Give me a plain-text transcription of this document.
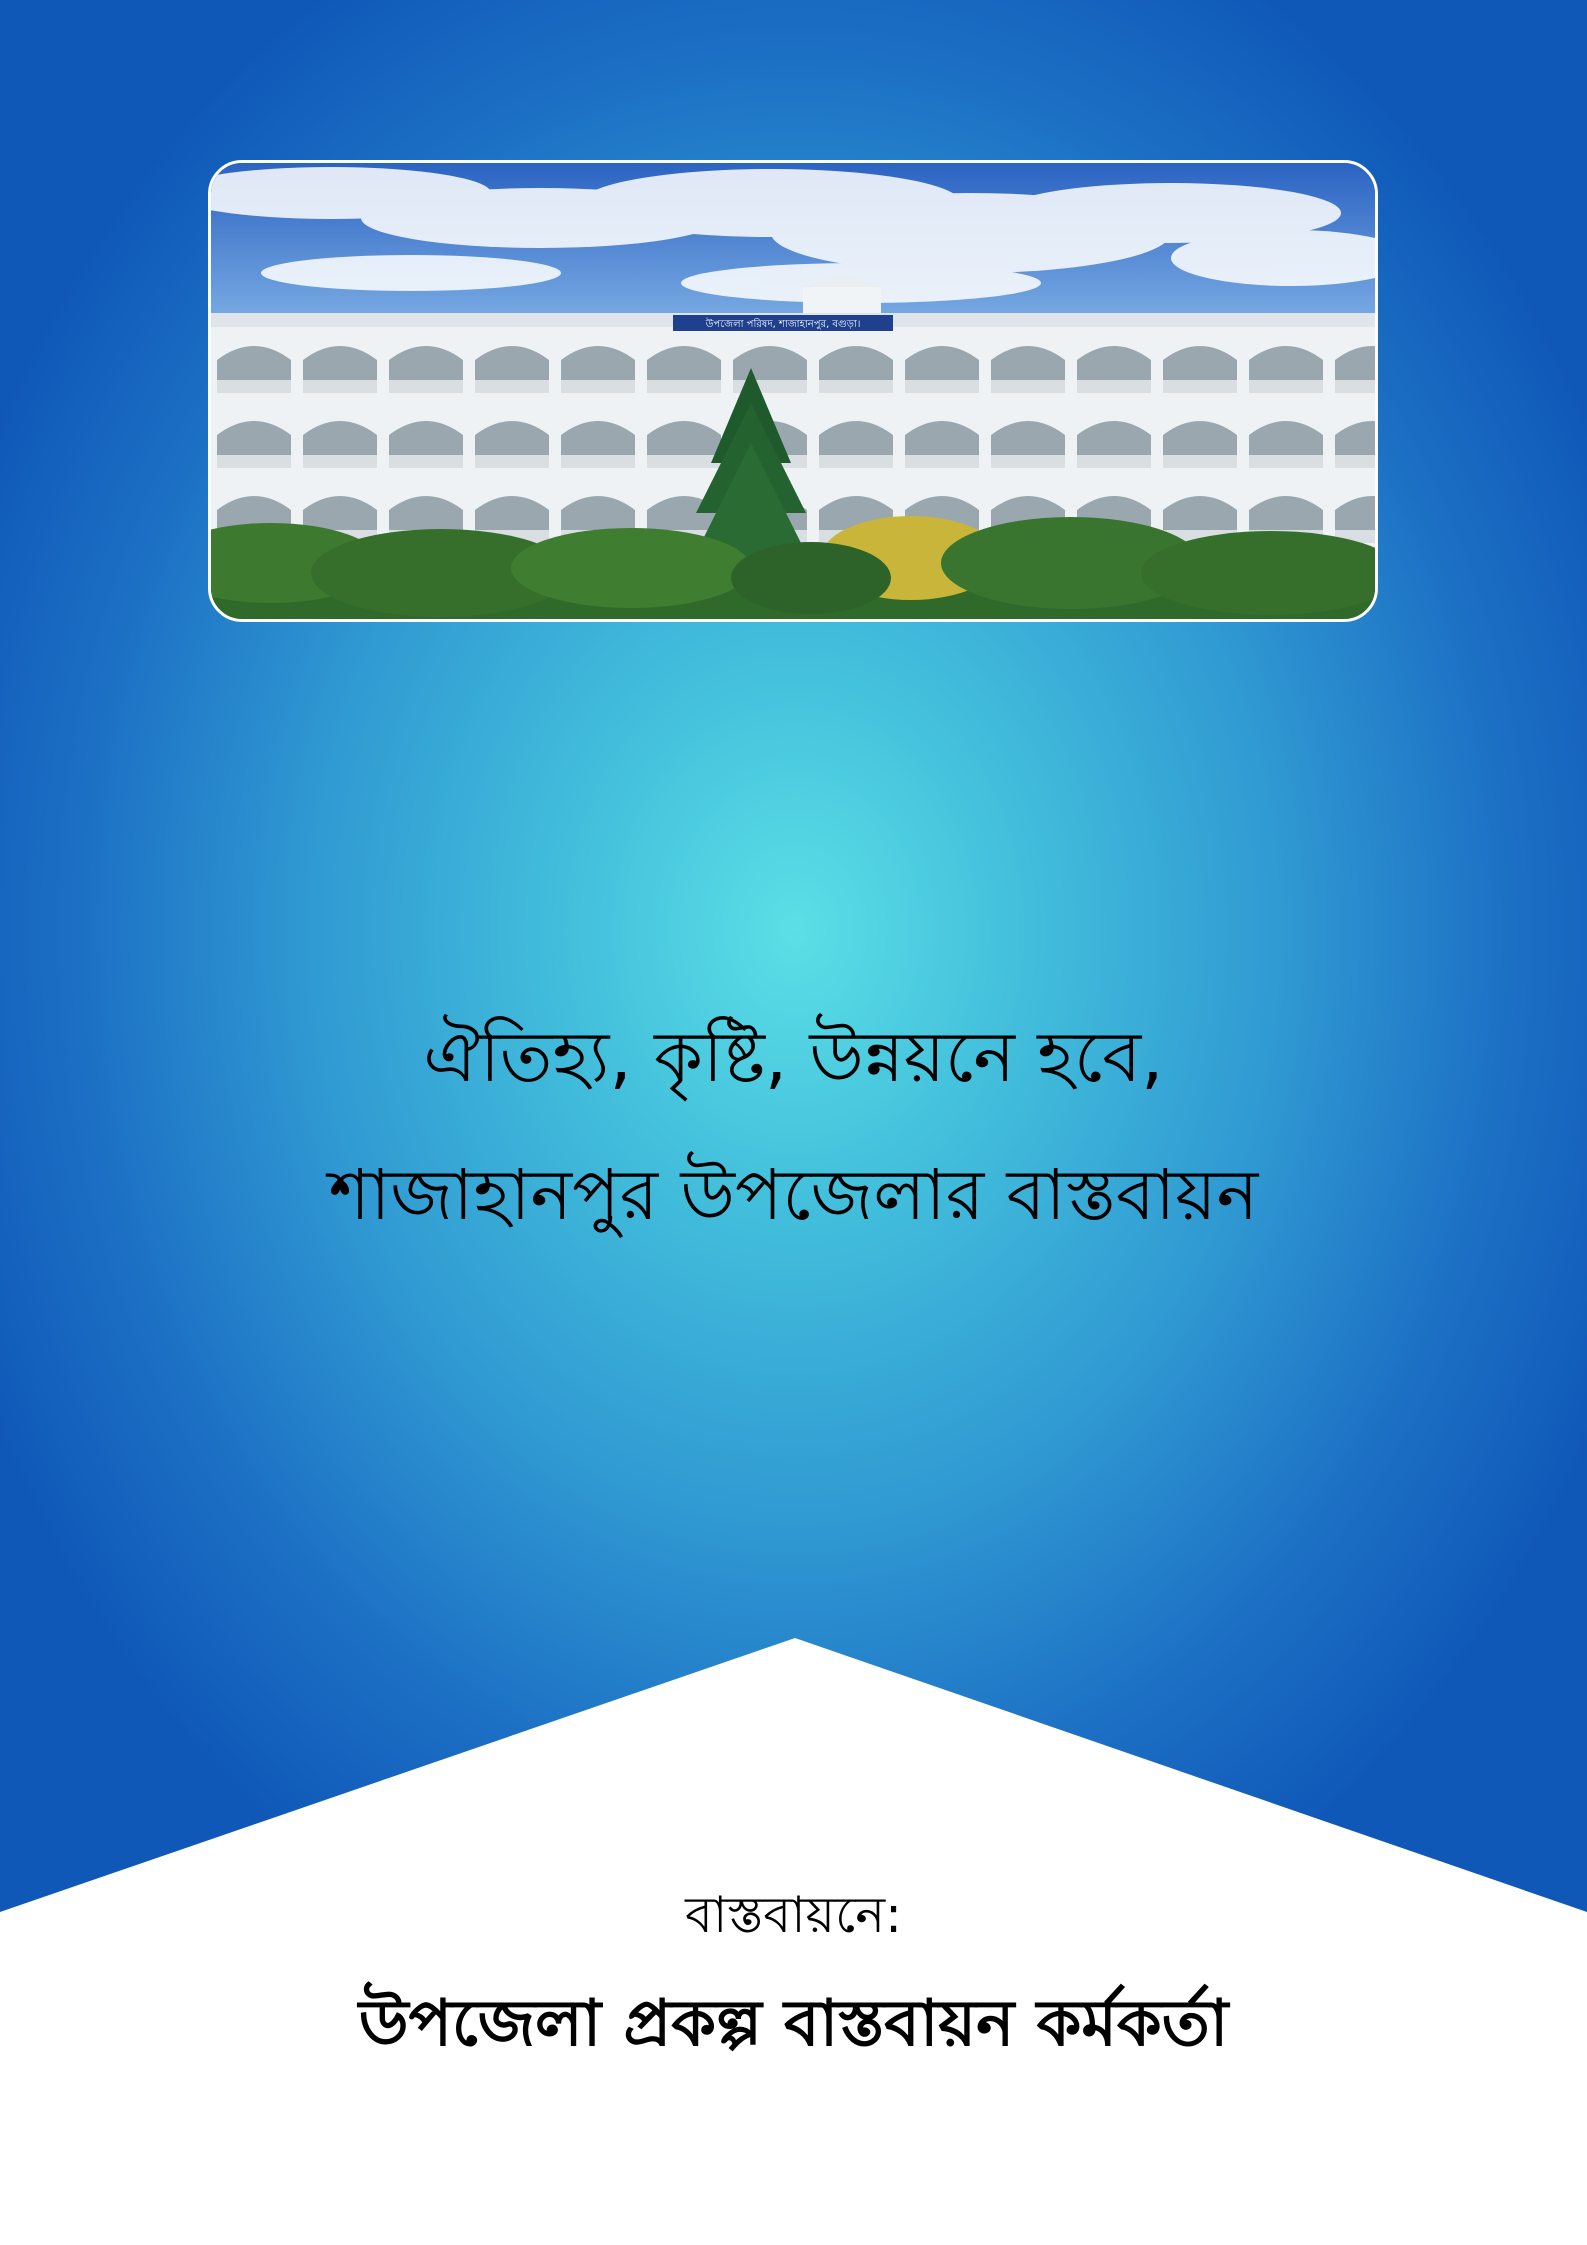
উপজেলা পরিষদ, শাজাহানপুর, বগুড়া।
ঐতিহ্য, কৃষ্টি, উন্নয়নে হবে,
শাজাহানপুর উপজেলার বাস্তবায়ন
বাস্তবায়নে:
উপজেলা প্রকল্প বাস্তবায়ন কর্মকর্তা
